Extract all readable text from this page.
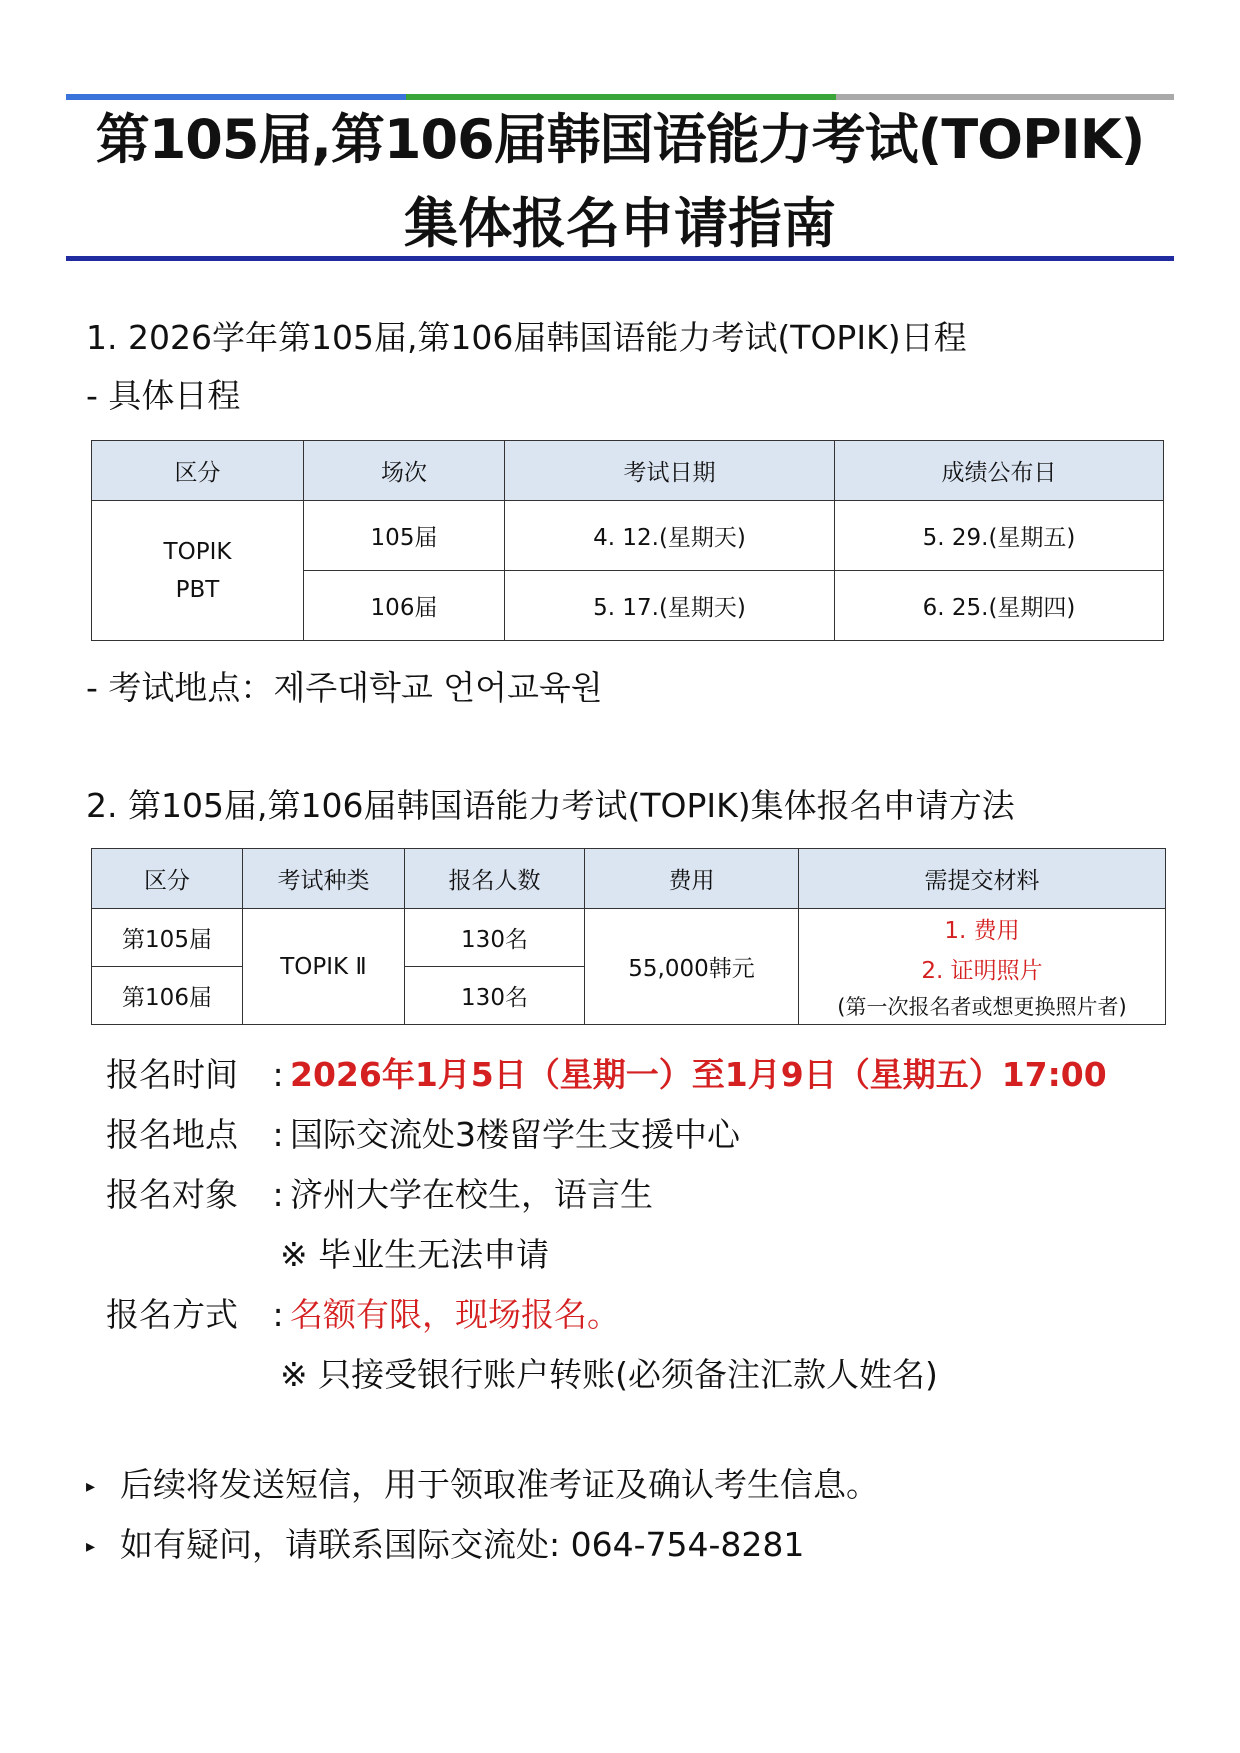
第105届,第106届韩国语能力考试(TOPIK)
集体报名申请指南
1. 2026学年第105届,第106届韩国语能力考试(TOPIK)日程
- 具体日程
区分	场次	考试日期	成绩公布日

TOPIK
PBT	105届	4. 12.(星期天)	5. 29.(星期五)
	106届	5. 17.(星期天)	6. 25.(星期四)
- 考试地点：제주대학교 언어교육원
2. 第105届,第106届韩国语能力考试(TOPIK)集体报名申请方法
区分	考试种类	报名人数	费用	需提交材料
第105届	TOPIK Ⅱ	130名	55,000韩元	1. 费用
2. 证明照片
(第一次报名者或想更换照片者)

第106届		130名		
报名时间 : 2026年1月5日（星期一）至1月9日（星期五）17:00
报名地点 : 国际交流处3楼留学生支援中心
报名对象 : 济州大学在校生，语言生
※ 毕业生无法申请
报名方式 : 名额有限，现场报名。
※ 只接受银行账户转账(必须备注汇款人姓名)
▸ 后续将发送短信，用于领取准考证及确认考生信息。
▸ 如有疑问，请联系国际交流处: 064-754-8281
